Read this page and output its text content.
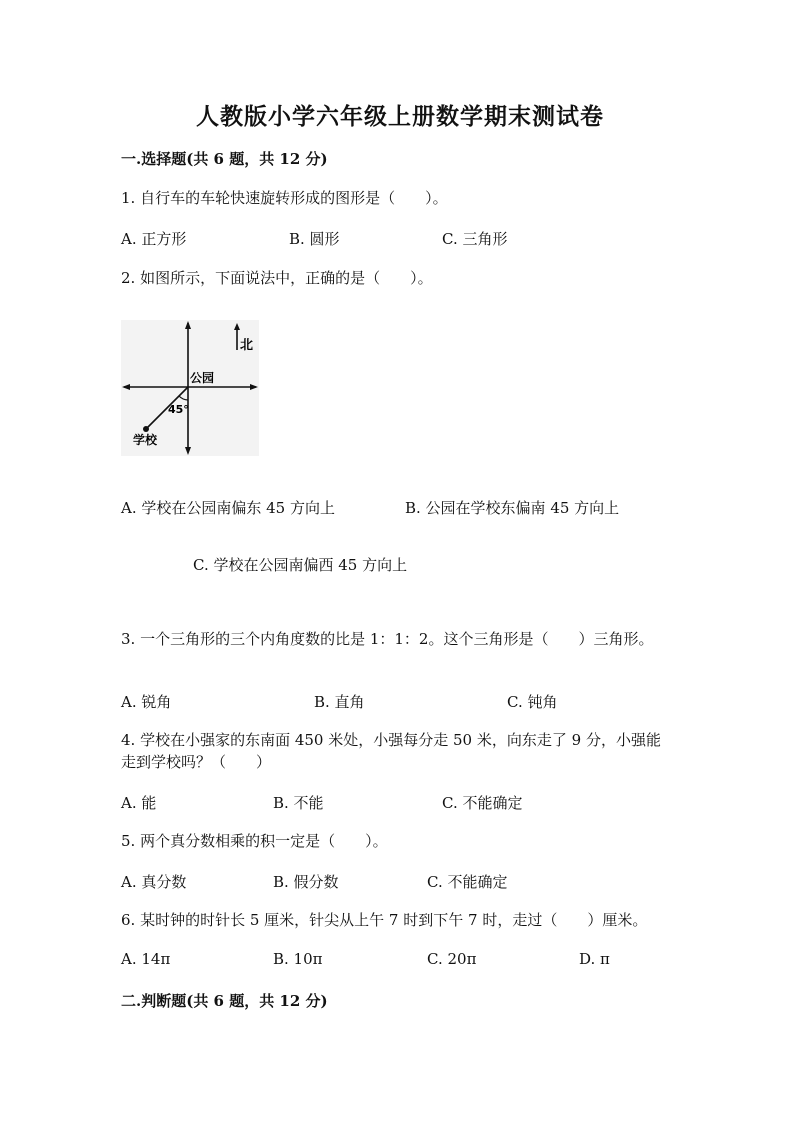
人教版小学六年级上册数学期末测试卷
一.选择题(共 6 题，共 12 分)
1. 自行车的车轮快速旋转形成的图形是（　　）。
A. 正方形	B. 圆形	C. 三角形
2. 如图所示，下面说法中，正确的是（　　）。
北
公园
45°
学校
A. 学校在公园南偏东 45 方向上	B. 公园在学校东偏南 45 方向上
C. 学校在公园南偏西 45 方向上
3. 一个三角形的三个内角度数的比是 1：1：2。这个三角形是（　　）三角形。
A. 锐角	B. 直角	C. 钝角
4. 学校在小强家的东南面 450 米处，小强每分走 50 米，向东走了 9 分，小强能走到学校吗？（　　）
A. 能	B. 不能	C. 不能确定
5. 两个真分数相乘的积一定是（　　）。
A. 真分数	B. 假分数	C. 不能确定
6. 某时钟的时针长 5 厘米，针尖从上午 7 时到下午 7 时，走过（　　）厘米。
A. 14π	B. 10π	C. 20π	D. π
二.判断题(共 6 题，共 12 分)
